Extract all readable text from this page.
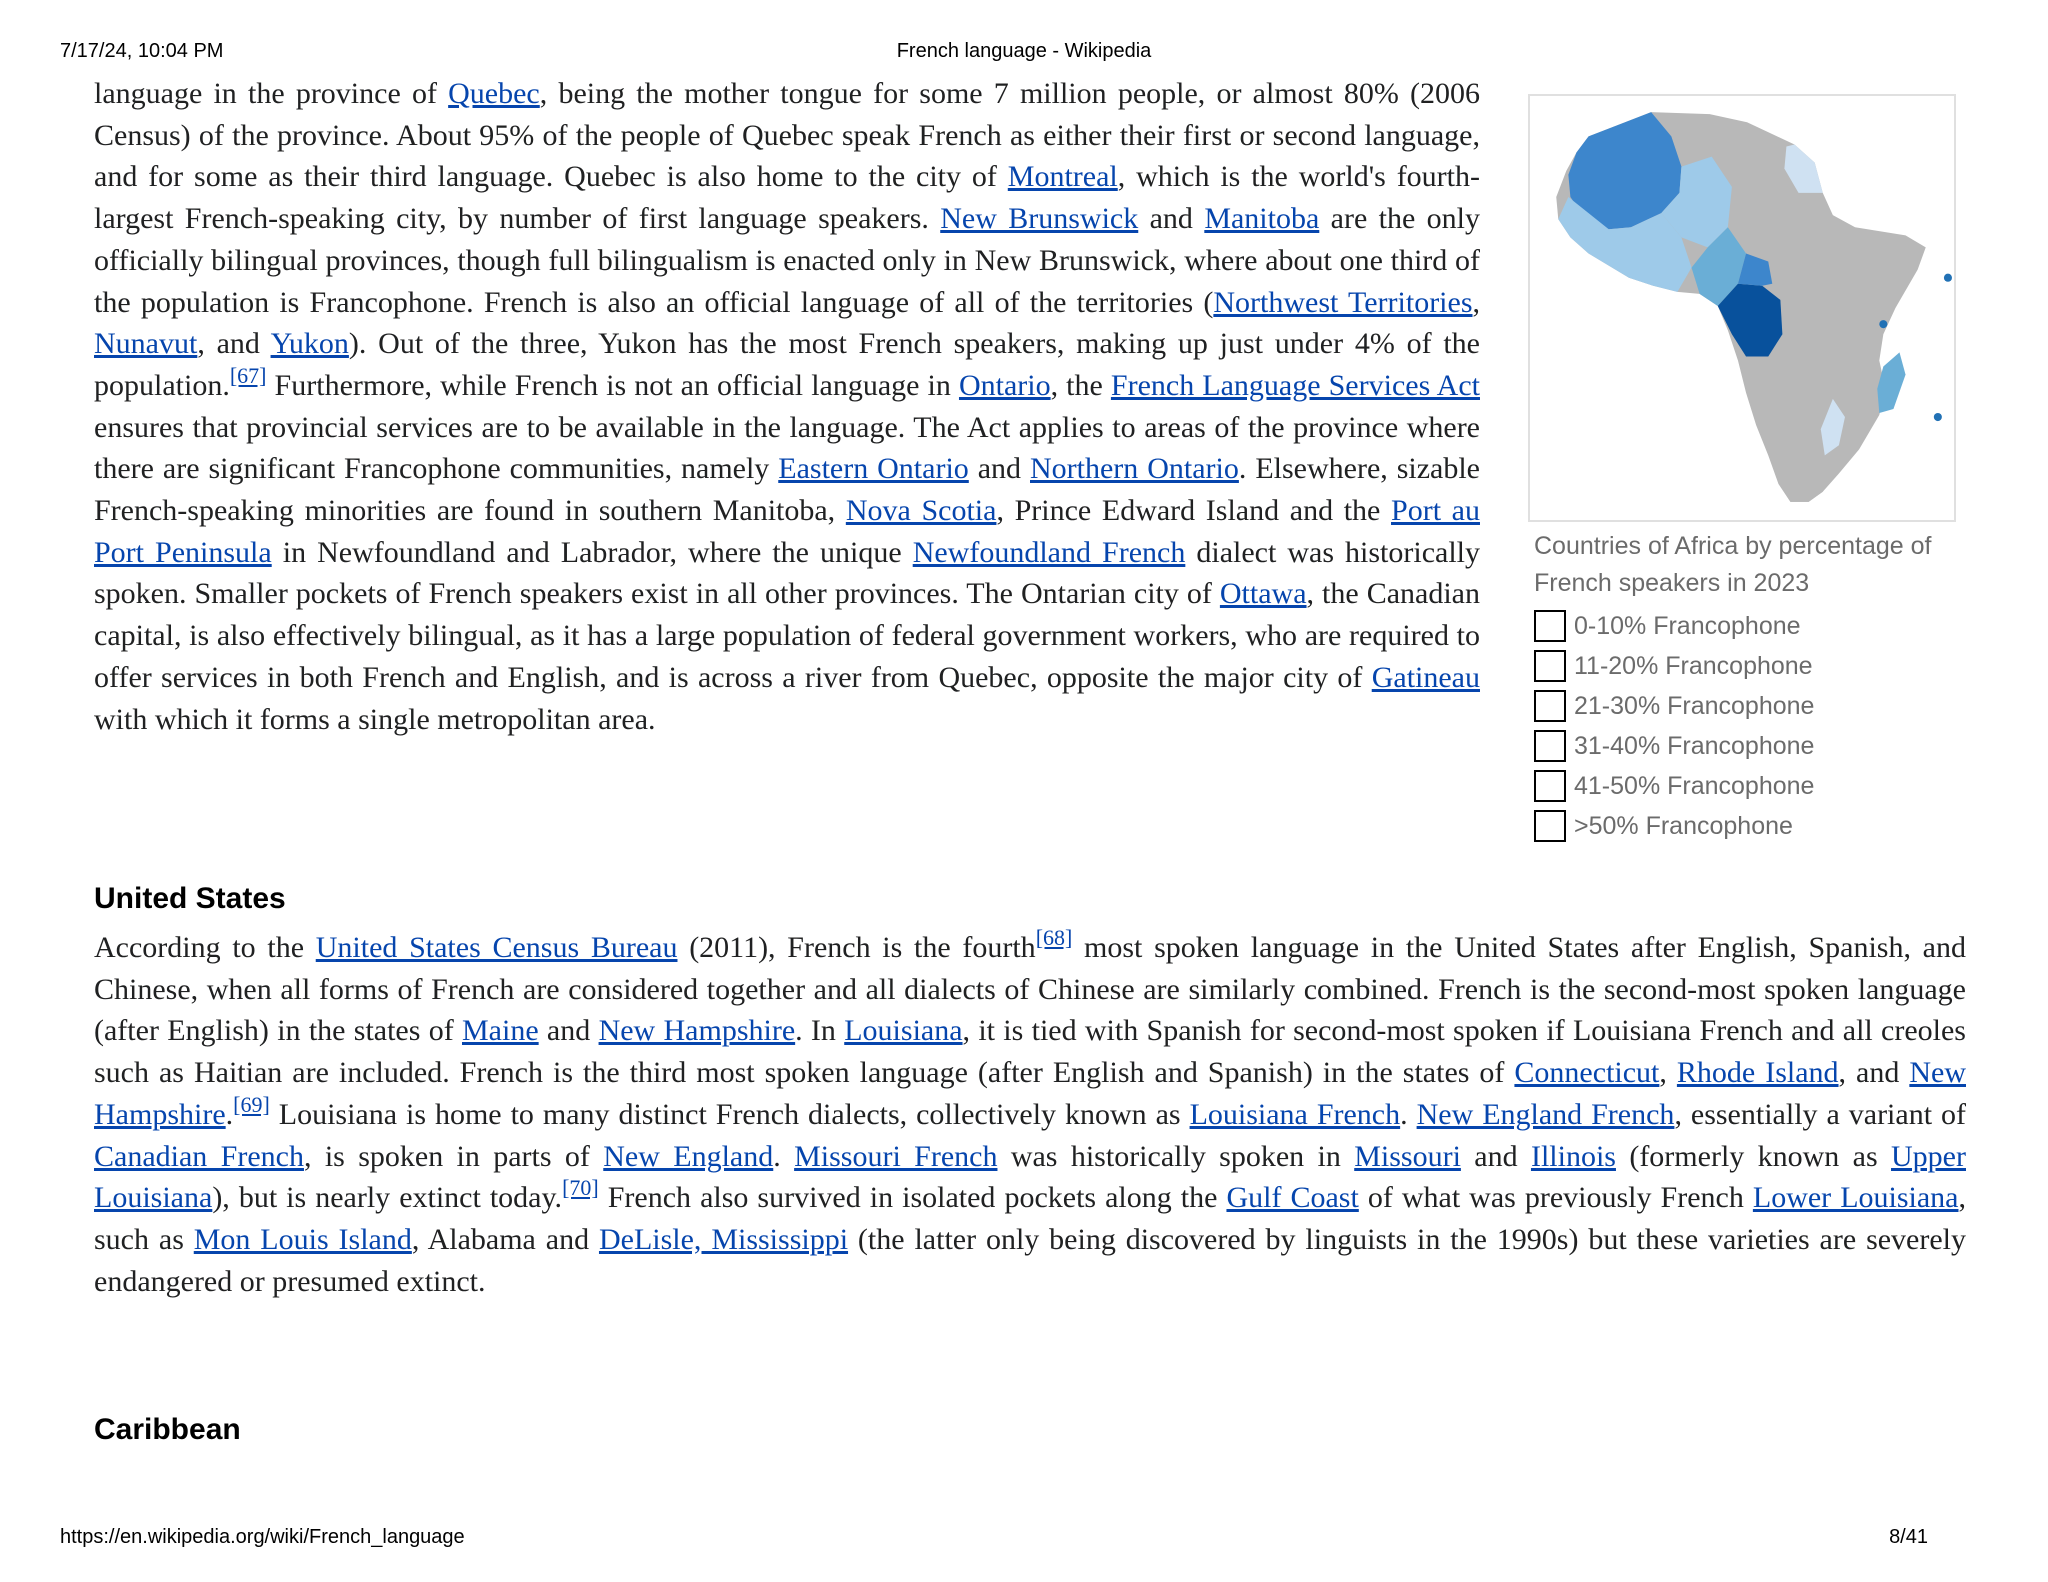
7/17/24, 10:04 PM	French language - Wikipedia

language in the province of Quebec, being the mother tongue for some 7 million people, or almost 80% (2006 Census) of the province. About 95% of the people of Quebec speak French as either their first or second language, and for some as their third language. Quebec is also home to the city of Montreal, which is the world's fourth-largest French-speaking city, by number of first language speakers. New Brunswick and Manitoba are the only officially bilingual provinces, though full bilingualism is enacted only in New Brunswick, where about one third of the population is Francophone. French is also an official language of all of the territories (Northwest Territories, Nunavut, and Yukon). Out of the three, Yukon has the most French speakers, making up just under 4% of the population.[67] Furthermore, while French is not an official language in Ontario, the French Language Services Act ensures that provincial services are to be available in the language. The Act applies to areas of the province where there are significant Francophone communities, namely Eastern Ontario and Northern Ontario. Elsewhere, sizable French-speaking minorities are found in southern Manitoba, Nova Scotia, Prince Edward Island and the Port au Port Peninsula in Newfoundland and Labrador, where the unique Newfoundland French dialect was historically spoken. Smaller pockets of French speakers exist in all other provinces. The Ontarian city of Ottawa, the Canadian capital, is also effectively bilingual, as it has a large population of federal government workers, who are required to offer services in both French and English, and is across a river from Quebec, opposite the major city of Gatineau with which it forms a single metropolitan area.

Countries of Africa by percentage of French speakers in 2023
0-10% Francophone
11-20% Francophone
21-30% Francophone
31-40% Francophone
41-50% Francophone
>50% Francophone
United States

According to the United States Census Bureau (2011), French is the fourth[68] most spoken language in the United States after English, Spanish, and Chinese, when all forms of French are considered together and all dialects of Chinese are similarly combined. French is the second-most spoken language (after English) in the states of Maine and New Hampshire. In Louisiana, it is tied with Spanish for second-most spoken if Louisiana French and all creoles such as Haitian are included. French is the third most spoken language (after English and Spanish) in the states of Connecticut, Rhode Island, and New Hampshire.[69] Louisiana is home to many distinct French dialects, collectively known as Louisiana French. New England French, essentially a variant of Canadian French, is spoken in parts of New England. Missouri French was historically spoken in Missouri and Illinois (formerly known as Upper Louisiana), but is nearly extinct today.[70] French also survived in isolated pockets along the Gulf Coast of what was previously French Lower Louisiana, such as Mon Louis Island, Alabama and DeLisle, Mississippi (the latter only being discovered by linguists in the 1990s) but these varieties are severely endangered or presumed extinct.

Caribbean
https://en.wikipedia.org/wiki/French_language	8/41
